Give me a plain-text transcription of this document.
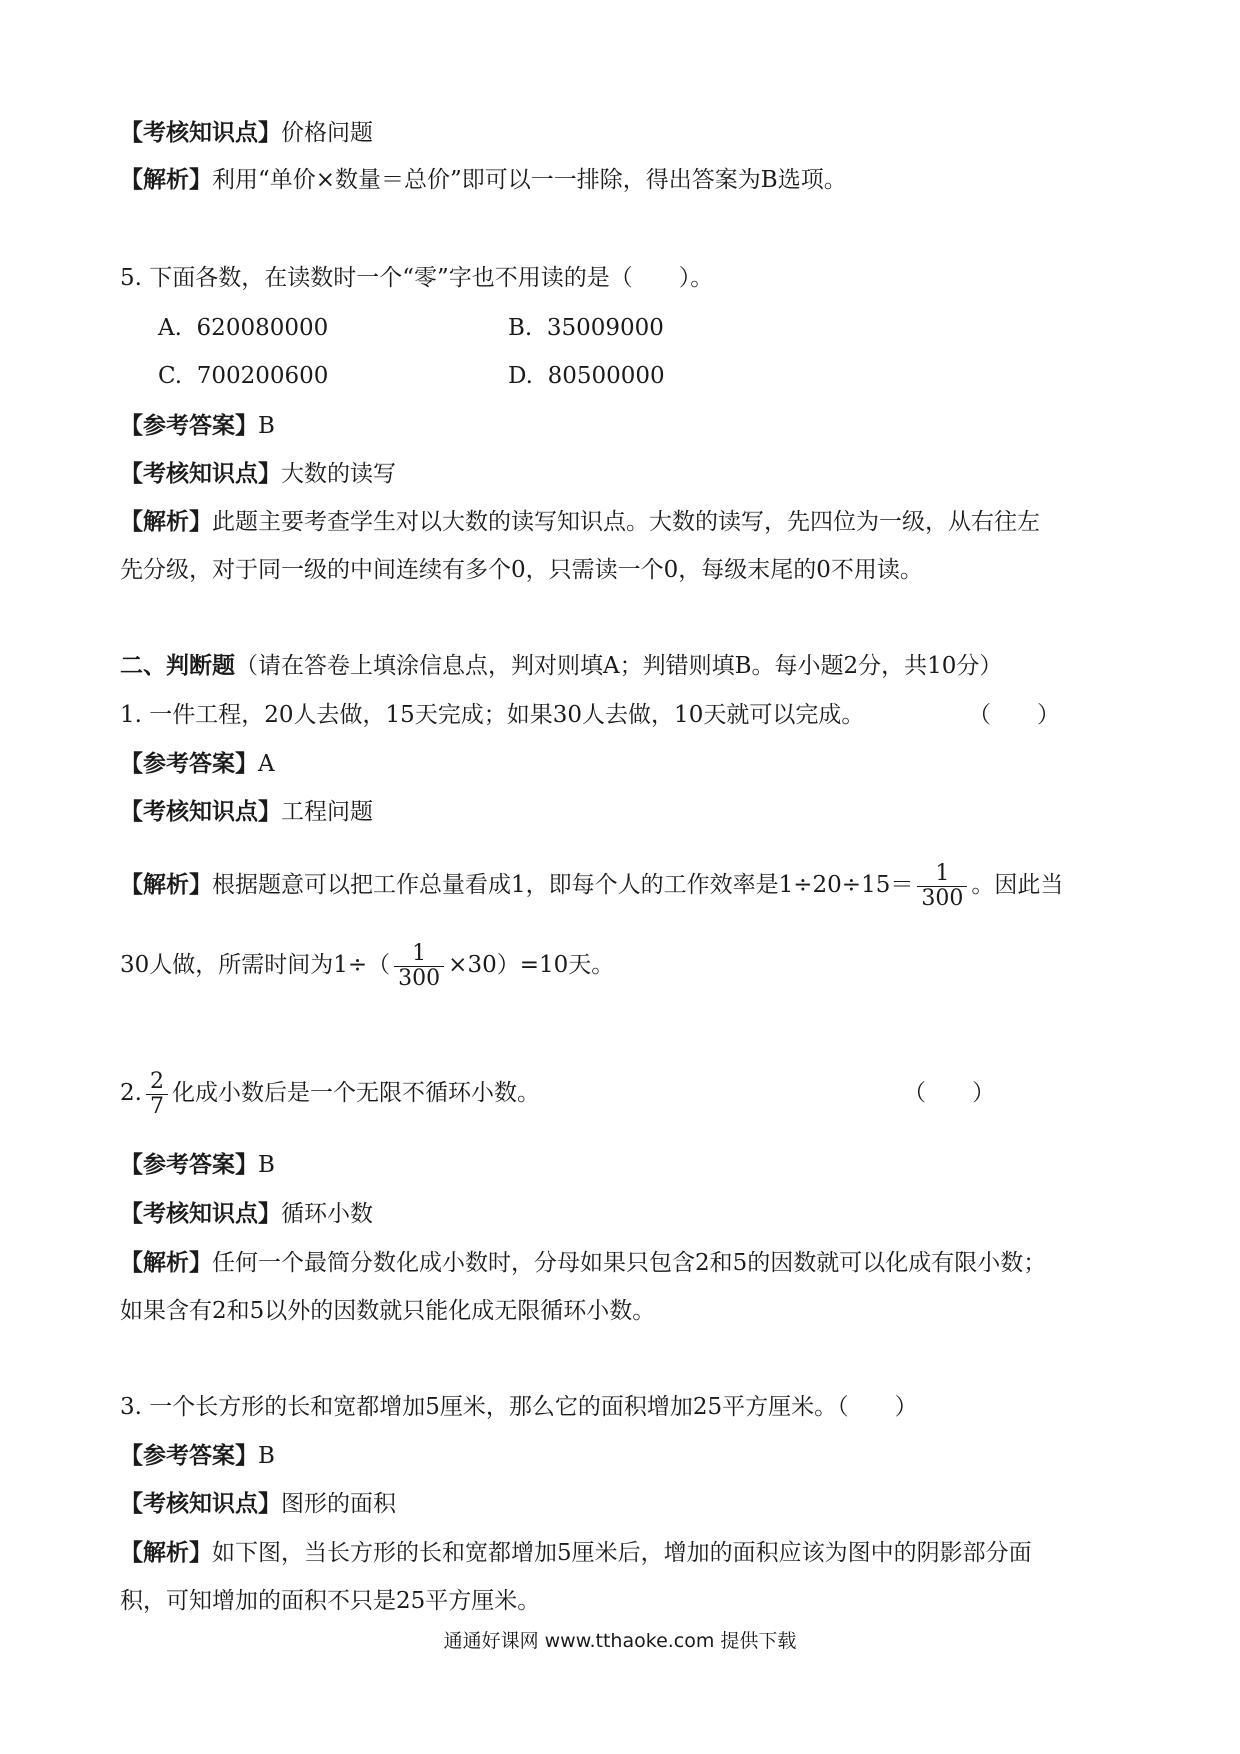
【考核知识点】价格问题
【解析】利用“单价×数量＝总价”即可以一一排除，得出答案为B选项。
5. 下面各数，在读数时一个“零”字也不用读的是（　　）。
A. 620080000	B. 35009000
C. 700200600	D. 80500000
【参考答案】B
【考核知识点】大数的读写
【解析】此题主要考查学生对以大数的读写知识点。大数的读写，先四位为一级，从右往左
先分级，对于同一级的中间连续有多个0，只需读一个0，每级末尾的0不用读。
二、判断题（请在答卷上填涂信息点，判对则填A；判错则填B。每小题2分，共10分）
1. 一件工程，20人去做，15天完成；如果30人去做，10天就可以完成。	（　　）
【参考答案】A
【考核知识点】工程问题
【解析】根据题意可以把工作总量看成1，即每个人的工作效率是$1\div 20\div 15= \frac{1}{300}$ 。因此当
30人做，所需时间为$1\div( \frac{1}{300} \times 30)=10$天。
2. $\frac{2}{7}$ 化成小数后是一个无限不循环小数。	（　　）
【参考答案】B
【考核知识点】循环小数
【解析】任何一个最简分数化成小数时，分母如果只包含2和5的因数就可以化成有限小数；
如果含有2和5以外的因数就只能化成无限循环小数。
3. 一个长方形的长和宽都增加5厘米，那么它的面积增加25平方厘米。（　　）
【参考答案】B
【考核知识点】图形的面积
【解析】如下图，当长方形的长和宽都增加5厘米后，增加的面积应该为图中的阴影部分面
积，可知增加的面积不只是25平方厘米。
通通好课网 www.tthaoke.com 提供下载
